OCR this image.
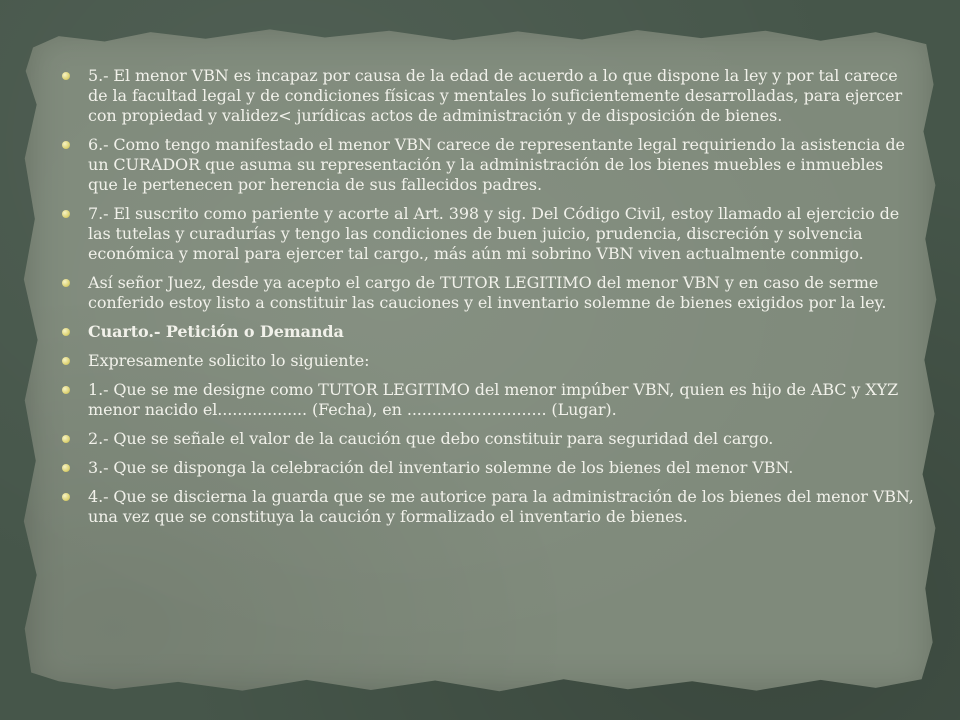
5.- El menor VBN es incapaz por causa de la edad de acuerdo a lo que dispone la ley y por tal carece de la facultad legal y de condiciones físicas y mentales lo suficientemente desarrolladas, para ejercer con propiedad y validez< jurídicas actos de administración y de disposición de bienes.
6.- Como tengo manifestado el menor VBN carece de representante legal requiriendo la asistencia de un CURADOR que asuma su representación y la administración de los bienes muebles e inmuebles que le pertenecen por herencia de sus fallecidos padres.
7.- El suscrito como pariente y acorte al Art. 398 y sig. Del Código Civil, estoy llamado al ejercicio de las tutelas y curadurías y tengo las condiciones de buen juicio, prudencia, discreción y solvencia económica y moral para ejercer tal cargo., más aún mi sobrino VBN viven actualmente conmigo.
Así señor Juez, desde ya acepto el cargo de TUTOR LEGITIMO del menor VBN y en caso de serme conferido estoy listo a constituir las cauciones y el inventario solemne de bienes exigidos por la ley.
Cuarto.- Petición o Demanda
Expresamente solicito lo siguiente:
1.- Que se me designe como TUTOR LEGITIMO del menor impúber VBN, quien es hijo de ABC y XYZ menor nacido el.................. (Fecha), en ............................ (Lugar).
2.- Que se señale el valor de la caución que debo constituir para seguridad del cargo.
3.- Que se disponga la celebración del inventario solemne de los bienes del menor VBN.
4.- Que se discierna la guarda que se me autorice para la administración de los bienes del menor VBN, una vez que se constituya la caución y formalizado el inventario de bienes.
